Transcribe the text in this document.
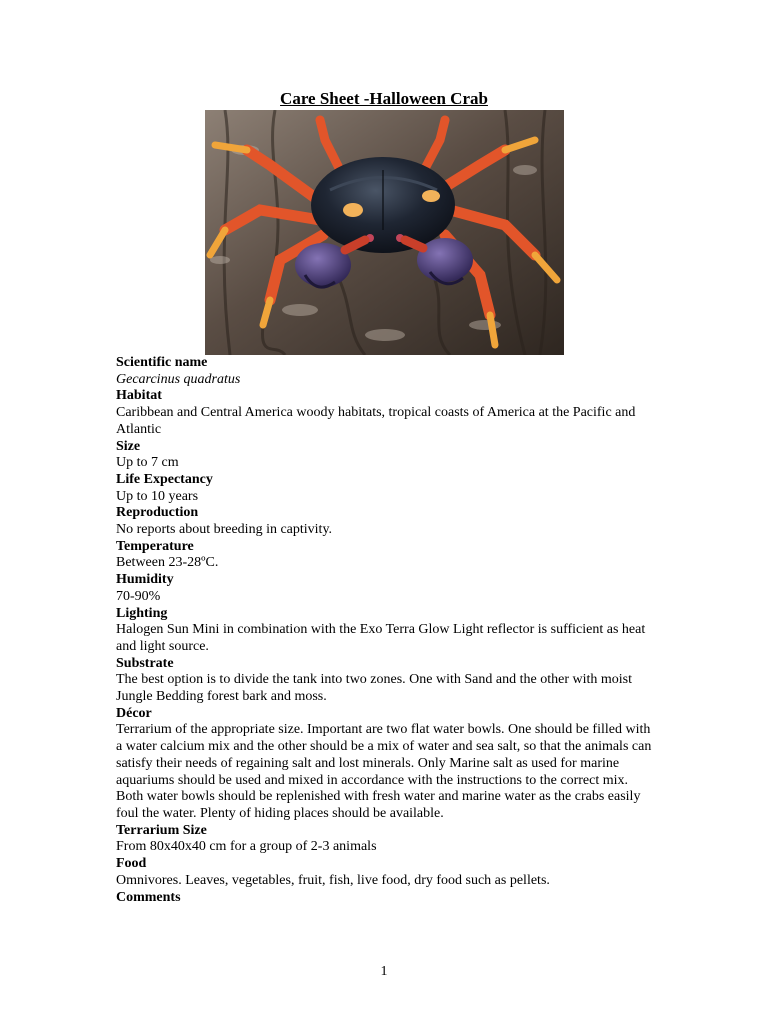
Care Sheet -Halloween Crab
Scientific name
Gecarcinus quadratus
Habitat
Caribbean and Central America woody habitats, tropical coasts of America at the Pacific and Atlantic
Size
Up to 7 cm
Life Expectancy
Up to 10 years
Reproduction
No reports about breeding in captivity.
Temperature
Between 23-28ºC.
Humidity
70-90%
Lighting
Halogen Sun Mini in combination with the Exo Terra Glow Light reflector is sufficient as heat and light source.
Substrate
The best option is to divide the tank into two zones. One with Sand and the other with moist Jungle Bedding forest bark and moss.
Décor
Terrarium of the appropriate size. Important are two flat water bowls. One should be filled with a water calcium mix and the other should be a mix of water and sea salt, so that the animals can satisfy their needs of regaining salt and lost minerals. Only Marine salt as used for marine aquariums should be used and mixed in accordance with the instructions to the correct mix. Both water bowls should be replenished with fresh water and marine water as the crabs easily foul the water. Plenty of hiding places should be available.
Terrarium Size
From 80x40x40 cm for a group of 2-3 animals
Food
Omnivores. Leaves, vegetables, fruit, fish, live food, dry food such as pellets.
Comments
1
